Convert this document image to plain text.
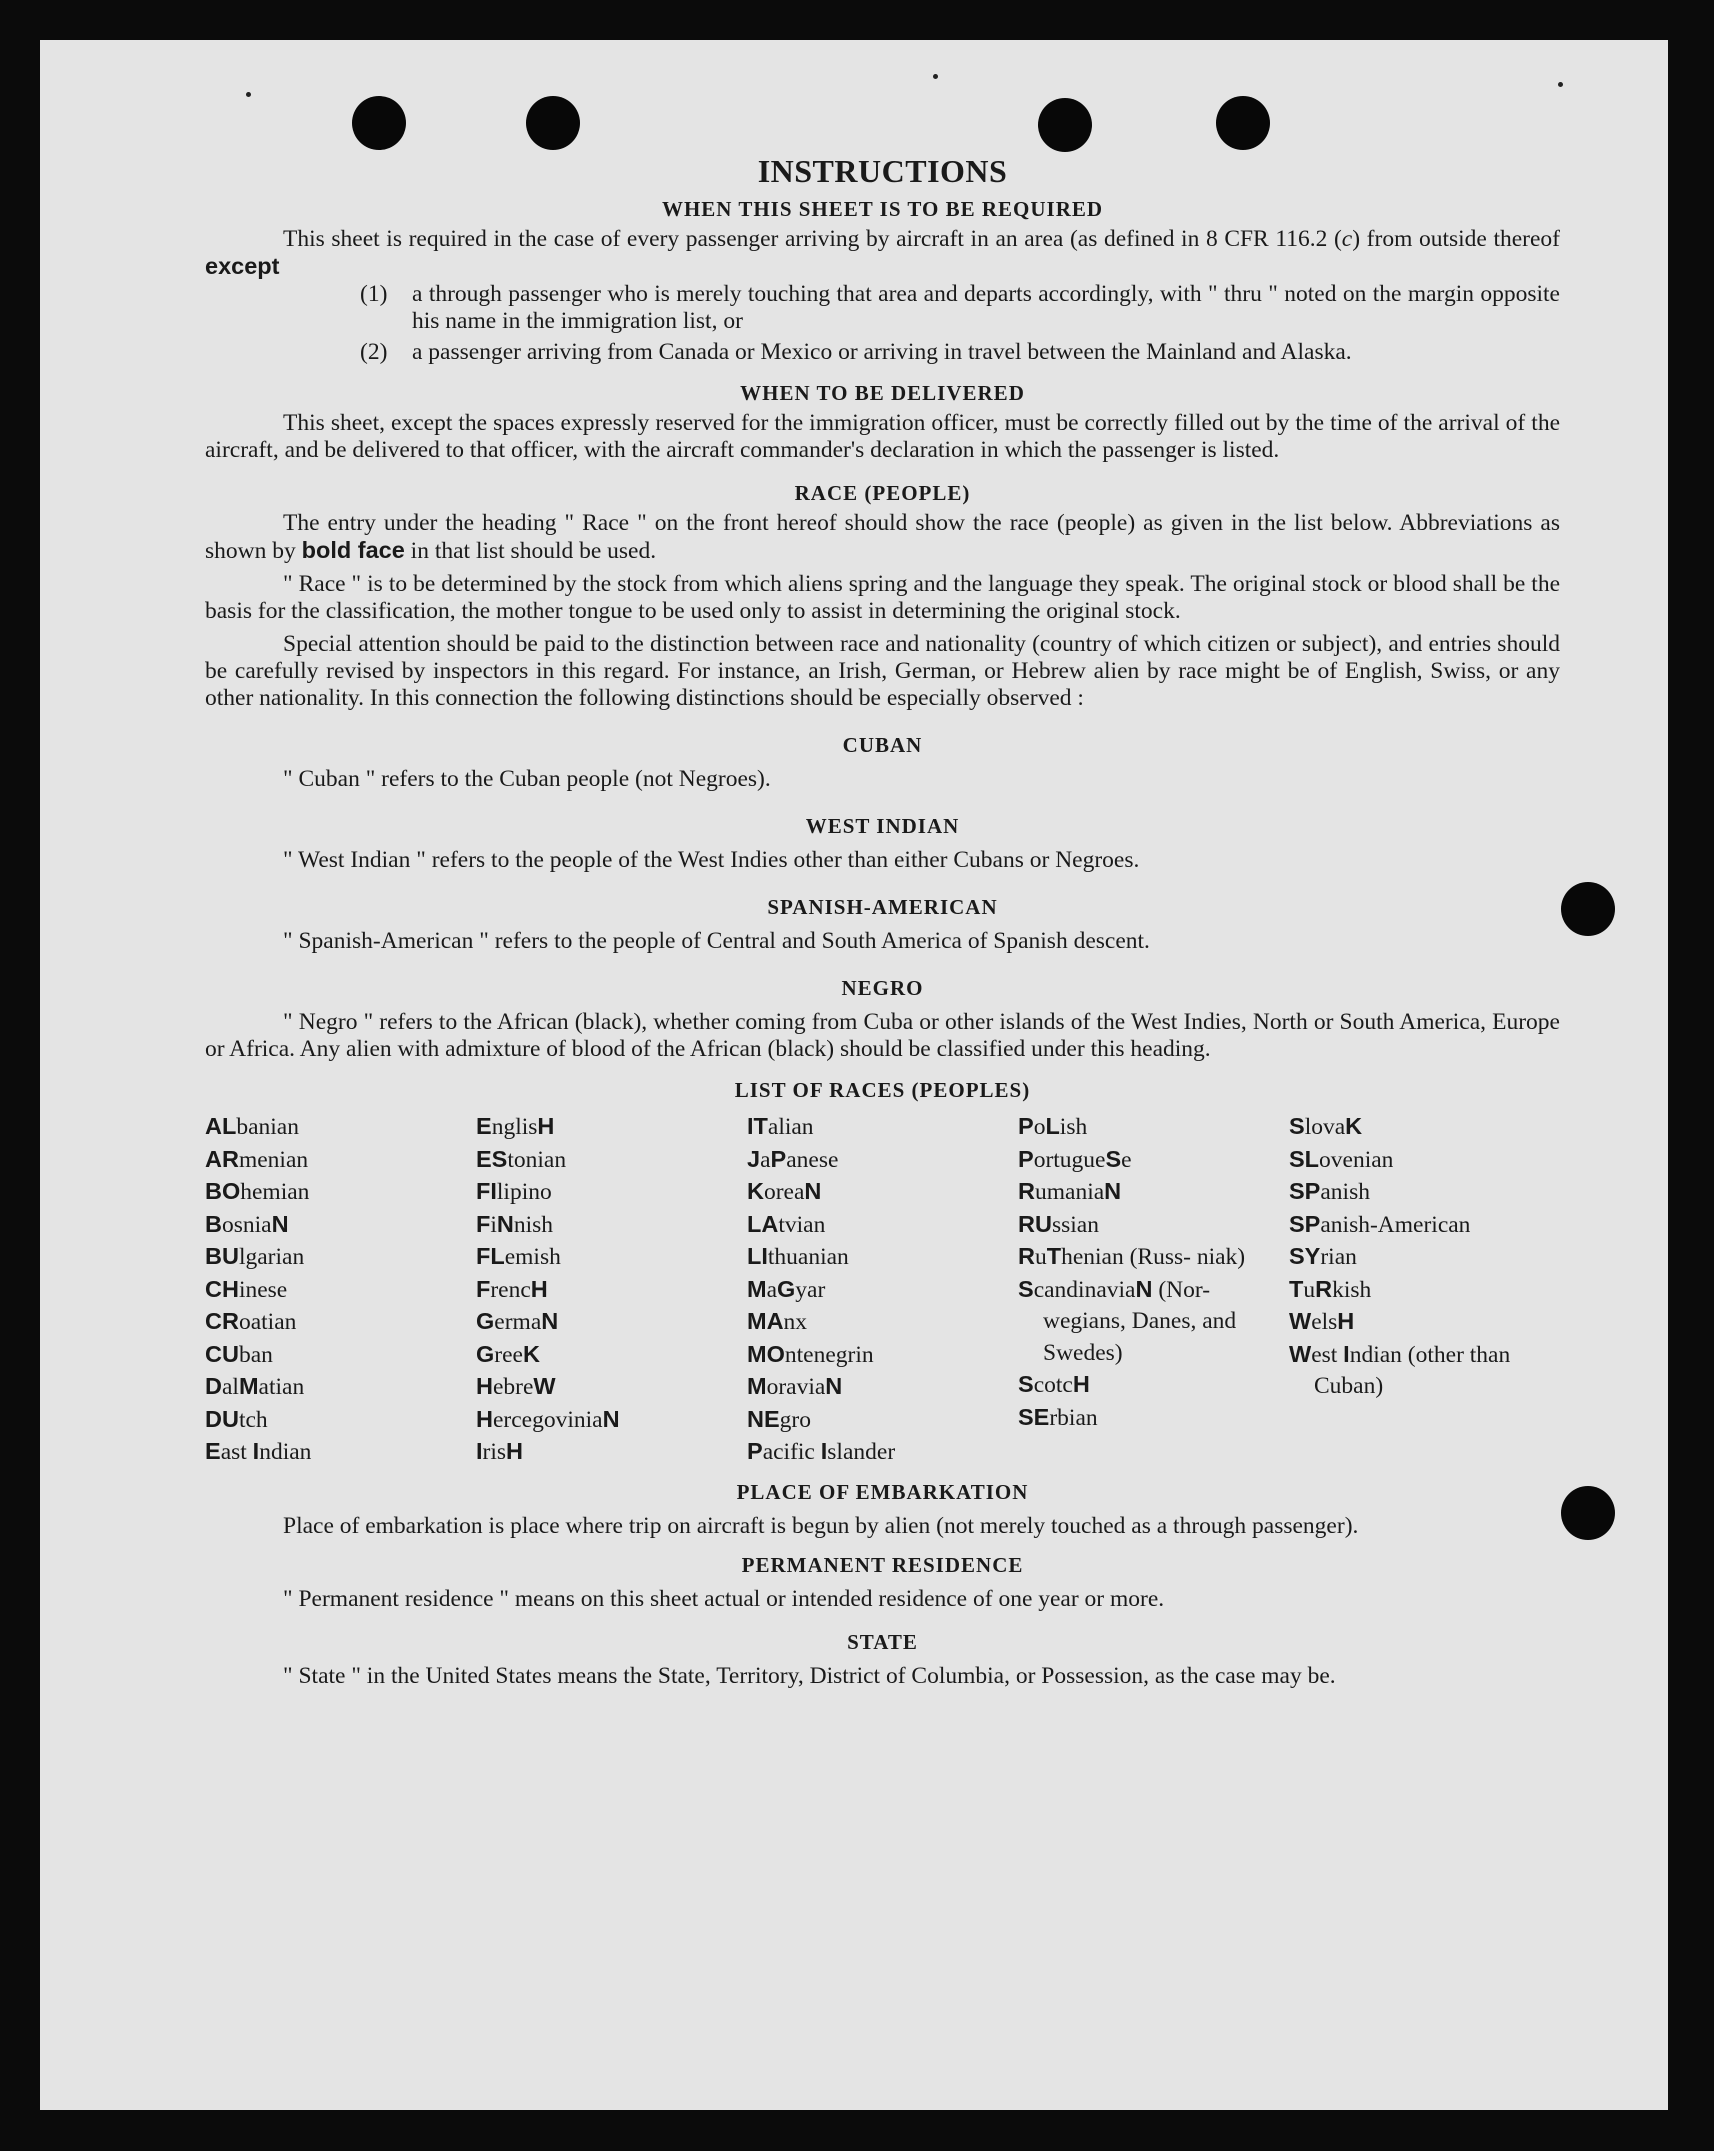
INSTRUCTIONS
WHEN THIS SHEET IS TO BE REQUIRED

This sheet is required in the case of every passenger arriving by aircraft in an area (as defined in 8 CFR 116.2 (c) from outside thereof except

(1)	a through passenger who is merely touching that area and departs accordingly, with " thru " noted on the margin opposite his name in the immigration list, or
(2)	a passenger arriving from Canada or Mexico or arriving in travel between the Mainland and Alaska.
WHEN TO BE DELIVERED

This sheet, except the spaces expressly reserved for the immigration officer, must be correctly filled out by the time of the arrival of the aircraft, and be delivered to that officer, with the aircraft commander's declaration in which the passenger is listed.

RACE (PEOPLE)

The entry under the heading " Race " on the front hereof should show the race (people) as given in the list below. Abbreviations as shown by bold face in that list should be used.

" Race " is to be determined by the stock from which aliens spring and the language they speak. The original stock or blood shall be the basis for the classification, the mother tongue to be used only to assist in determining the original stock.

Special attention should be paid to the distinction between race and nationality (country of which citizen or subject), and entries should be carefully revised by inspectors in this regard. For instance, an Irish, German, or Hebrew alien by race might be of English, Swiss, or any other nationality. In this connection the following distinctions should be especially observed :

CUBAN

" Cuban " refers to the Cuban people (not Negroes).

WEST INDIAN

" West Indian " refers to the people of the West Indies other than either Cubans or Negroes.

SPANISH-AMERICAN

" Spanish-American " refers to the people of Central and South America of Spanish descent.

NEGRO

" Negro " refers to the African (black), whether coming from Cuba or other islands of the West Indies, North or South America, Europe or Africa. Any alien with admixture of blood of the African (black) should be classified under this heading.

LIST OF RACES (PEOPLES)
ALbanian
ARmenian
BOhemian
BosniaN
BUlgarian
CHinese
CRoatian
CUban
DalMatian
DUtch
East Indian
EnglisH
EStonian
FIlipino
FiNnish
FLemish
FrencH
GermaN
GreeK
HebreW
HercegoviniaN
IrisH
ITalian
JaPanese
KoreaN
LAtvian
LIthuanian
MaGyar
MAnx
MOntenegrin
MoraviaN
NEgro
Pacific Islander
PoLish
PortugueSe
RumaniaN
RUssian
RuThenian (Russ- niak)
ScandinaviaN (Nor- wegians, Danes, and Swedes)
ScotcH
SErbian
SlovaK
SLovenian
SPanish
SPanish-American
SYrian
TuRkish
WelsH
West Indian (other than Cuban)
PLACE OF EMBARKATION

Place of embarkation is place where trip on aircraft is begun by alien (not merely touched as a through passenger).

PERMANENT RESIDENCE

" Permanent residence " means on this sheet actual or intended residence of one year or more.

STATE

" State " in the United States means the State, Territory, District of Columbia, or Possession, as the case may be.
